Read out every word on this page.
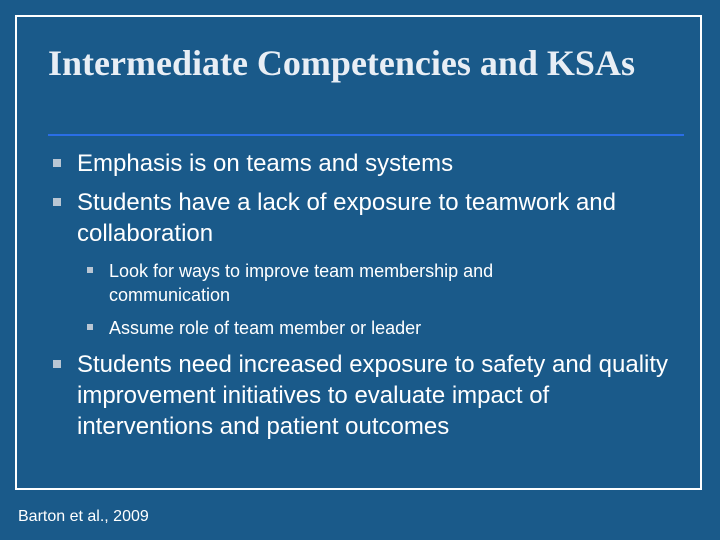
Intermediate Competencies and KSAs
Emphasis is on teams and systems
Students have a lack of exposure to teamwork and collaboration
Look for ways to improve team membership and communication
Assume role of team member or leader
Students need increased exposure to safety and quality improvement initiatives to evaluate impact of interventions and patient outcomes
Barton et al., 2009
